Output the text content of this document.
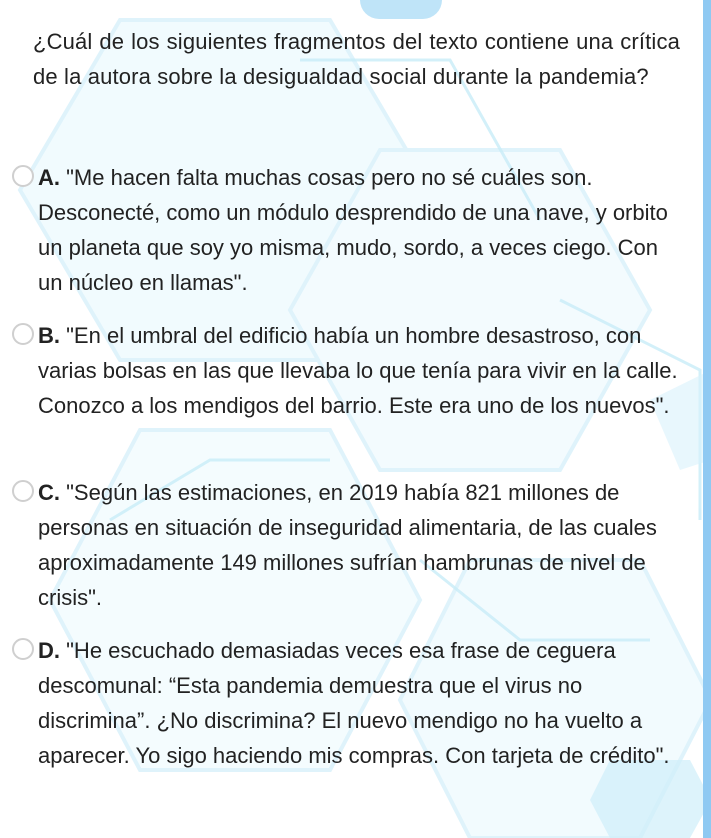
¿Cuál de los siguientes fragmentos del texto contiene una crítica de la autora sobre la desigualdad social durante la pandemia?

A. "Me hacen falta muchas cosas pero no sé cuáles son. Desconecté, como un módulo desprendido de una nave, y orbito un planeta que soy yo misma, mudo, sordo, a veces ciego. Con un núcleo en llamas".

B. "En el umbral del edificio había un hombre desastroso, con varias bolsas en las que llevaba lo que tenía para vivir en la calle. Conozco a los mendigos del barrio. Este era uno de los nuevos".

C. "Según las estimaciones, en 2019 había 821 millones de personas en situación de inseguridad alimentaria, de las cuales aproximadamente 149 millones sufrían hambrunas de nivel de crisis".

D. "He escuchado demasiadas veces esa frase de ceguera descomunal: “Esta pandemia demuestra que el virus no discrimina”. ¿No discrimina? El nuevo mendigo no ha vuelto a aparecer. Yo sigo haciendo mis compras. Con tarjeta de crédito".
